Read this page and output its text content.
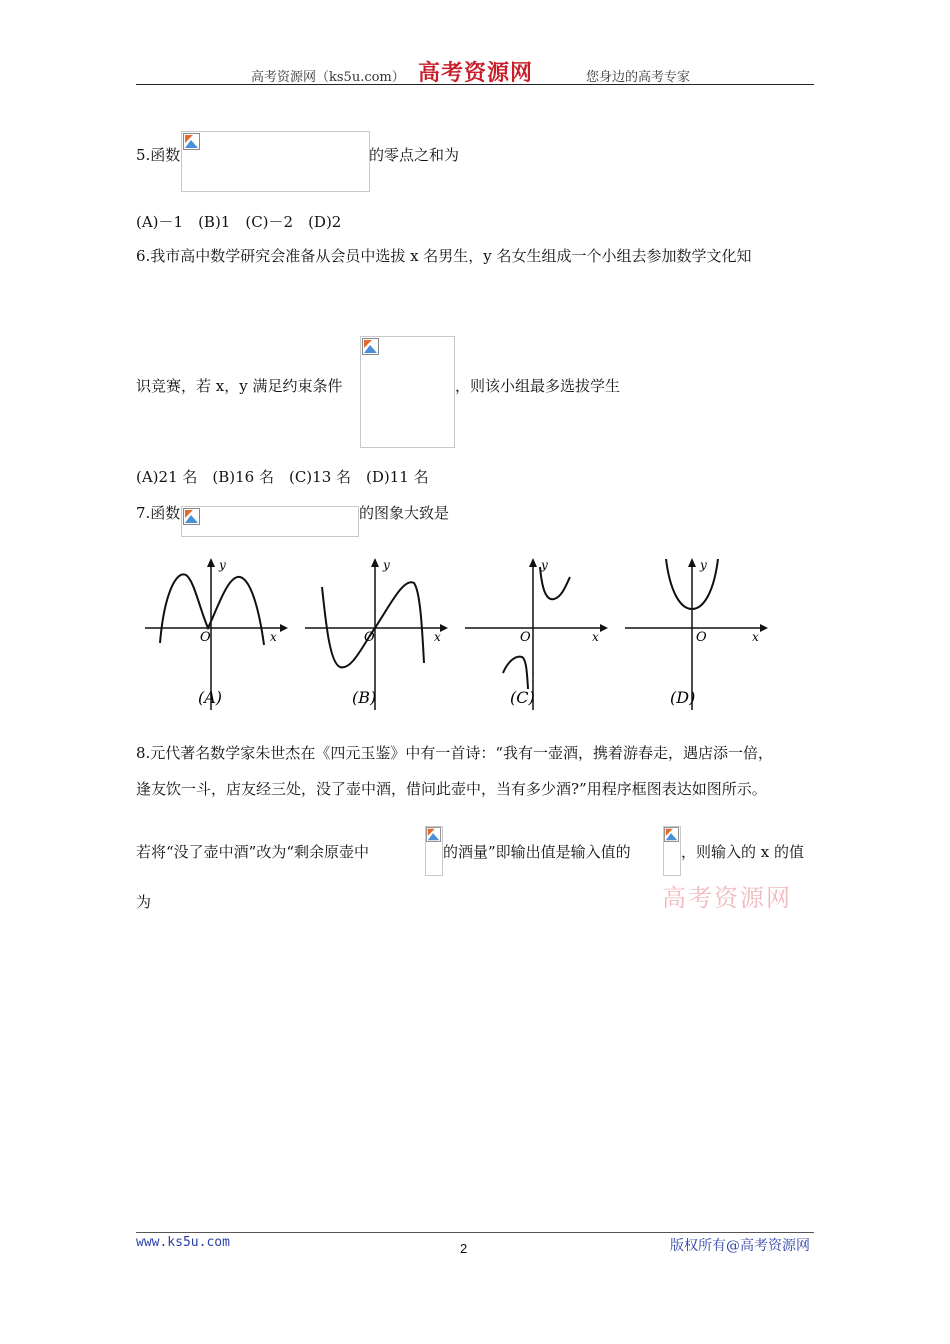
高考资源网（ks5u.com） 高考资源网	您身边的高考专家
5.函数	的零点之和为
(A)－1　(B)1　(C)－2　(D)2
6.我市高中数学研究会准备从会员中选拔 x 名男生，y 名女生组成一个小组去参加数学文化知
识竞赛，若 x，y 满足约束条件	，则该小组最多选拔学生
(A)21 名　(B)16 名　(C)13 名　(D)11 名
7.函数	的图象大致是
x
y
O
(A)
x
y
O
(B)
x
y
O
(C)
x
y
O
(D)
8.元代著名数学家朱世杰在《四元玉鉴》中有一首诗：“我有一壶酒，携着游春走，遇店添一倍，
逢友饮一斗，店友经三处，没了壶中酒，借问此壶中，当有多少酒?”用程序框图表达如图所示。
若将“没了壶中酒”改为“剩余原壶中	的酒量”即输出值是输入值的	，则输入的 x 的值
为	高考资源网
www.ks5u.com	2	版权所有@高考资源网
